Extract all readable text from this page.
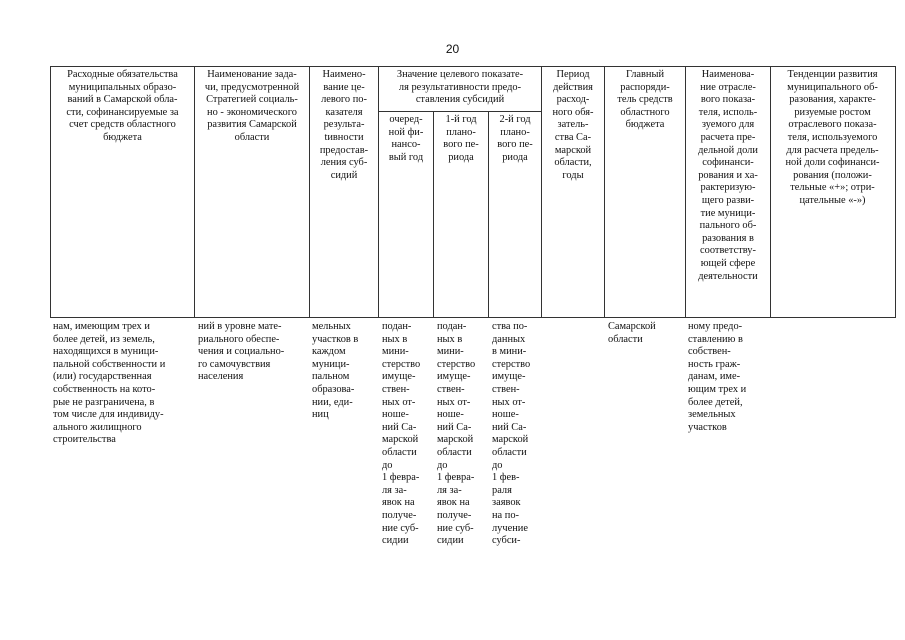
20
Расходные обязательства
муниципальных образо-
ваний в Самарской обла-
сти, софинансируемые за
счет средств областного
бюджета
Наименование зада-
чи, предусмотренной
Стратегией социаль-
но - экономического
развития Самарской
области
Наимено-
вание це-
левого по-
казателя
результа-
tивности
предостав-
ления суб-
сидий
Значение целевого показате-
ля результативности предо-
ставления субсидий
очеред-
ной фи-
нансо-
вый год
1-й год
плано-
вого пе-
риода
2-й год
плано-
вого пе-
риода
Период
действия
расход-
ного обя-
затель-
ства Са-
марской
области,
годы
Главный
распоряди-
тель средств
областного
бюджета
Наименова-
ние отрасле-
вого показа-
теля, исполь-
зуемого для
расчета пре-
дельной доли
софинанси-
рования и ха-
рактеризую-
щего разви-
тие муници-
пального об-
разования в
соответству-
ющей сфере
деятельности
Тенденции развития
муниципального об-
разования, характе-
ризуемые ростом
отраслевого показа-
теля, используемого
для расчета предель-
ной доли софинанси-
рования (положи-
тельные «+»; отри-
цательные «-»)
нам, имеющим трех и
более детей, из земель,
находящихся в муници-
пальной собственности и
(или) государственная
собственность на кото-
рые не разграничена, в
том числе для индивиду-
ального жилищного
строительства
ний в уровне мате-
риального обеспе-
чения и социально-
го самочувствия
населения
мельных
участков в
каждом
муници-
пальном
образова-
нии, еди-
ниц
подан-
ных в
мини-
стерство
имуще-
ствен-
ных от-
ноше-
ний Са-
марской
области
до
1 февра-
ля за-
явок на
получе-
ние суб-
сидии
подан-
ных в
мини-
стерство
имуще-
ствен-
ных от-
ноше-
ний Са-
марской
области
до
1 февра-
ля за-
явок на
получе-
ние суб-
сидии
ства по-
данных
в мини-
стерство
имуще-
ствен-
ных от-
ноше-
ний Са-
марской
области
до
1 фев-
раля
заявок
на по-
лучение
субси-
Самарской
области
ному предо-
ставлению в
собствен-
ность граж-
данам, име-
ющим трех и
более детей,
земельных
участков
